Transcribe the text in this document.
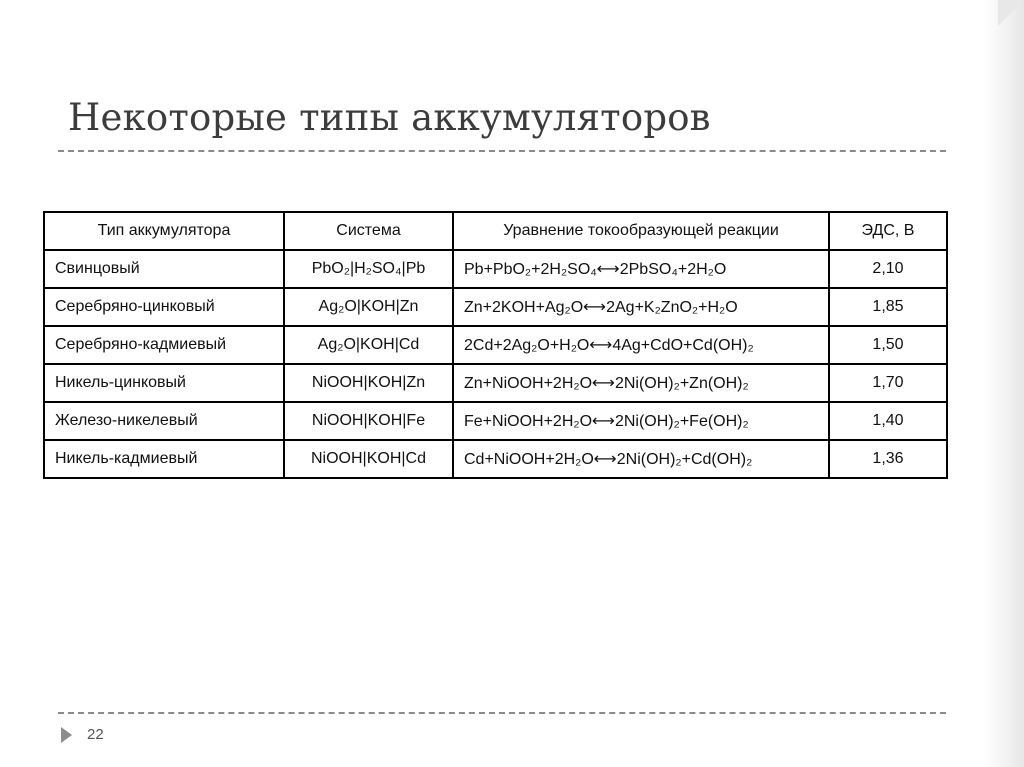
Некоторые типы аккумуляторов
Тип аккумулятора	Система	Уравнение токообразующей реакции	ЭДС, В
Свинцовый	PbO₂|H₂SO₄|Pb	Pb+PbO₂+2H₂SO₄⟷2PbSO₄+2H₂O	2,10
Серебряно-цинковый	Ag₂O|KOH|Zn	Zn+2KOH+Ag₂O⟷2Ag+K₂ZnO₂+H₂O	1,85
Серебряно-кадмиевый	Ag₂O|KOH|Cd	2Cd+2Ag₂O+H₂O⟷4Ag+CdO+Cd(OH)₂	1,50
Никель-цинковый	NiOOH|KOH|Zn	Zn+NiOOH+2H₂O⟷2Ni(OH)₂+Zn(OH)₂	1,70
Железо-никелевый	NiOOH|KOH|Fe	Fe+NiOOH+2H₂O⟷2Ni(OH)₂+Fe(OH)₂	1,40
Никель-кадмиевый	NiOOH|KOH|Cd	Cd+NiOOH+2H₂O⟷2Ni(OH)₂+Cd(OH)₂	1,36
22
